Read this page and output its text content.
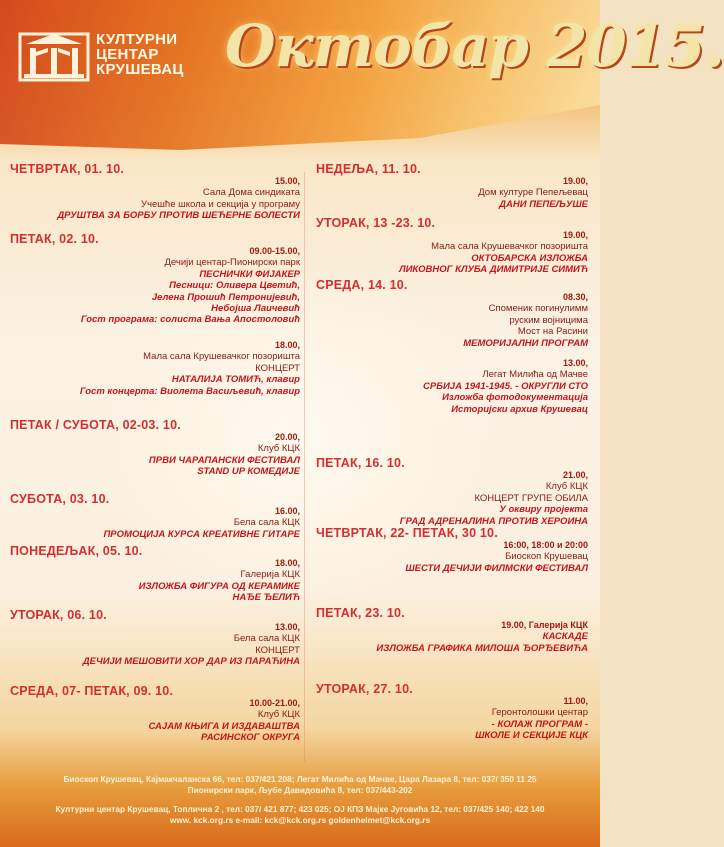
КУЛТУРНИ
ЦЕНТАР
КРУШЕВАЦ Октобар 2015.
ЧЕТВРТАК, 01. 10.
15.00,
Сала Дома синдиката
Учешће школа и секција у програму
ДРУШТВА ЗА БОРБУ ПРОТИВ ШЕЋЕРНЕ БОЛЕСТИ
ПЕТАК, 02. 10.
09.00-15.00,
Дечији центар-Пионирски парк
ПЕСНИЧКИ ФИЈАКЕР
Песници: Оливера Цветић,
Јелена Прошић Петронијевић,
Небојша Лаичевић
Гост програма: солиста Вања Апостоловић
18.00,
Мала сала Крушевачког позоришта
КОНЦЕРТ
НАТАЛИЈА ТОМИЋ, клавир
Гост концерта: Виолета Васиљевић, клавир
ПЕТАК / СУБОТА, 02-03. 10.
20.00,
Клуб КЦК
ПРВИ ЧАРАПАНСКИ ФЕСТИВАЛ
STAND UP КОМЕДИЈЕ
СУБОТА, 03. 10.
16.00,
Бела сала КЦК
ПРОМОЦИЈА КУРСА КРЕАТИВНЕ ГИТАРЕ
ПОНЕДЕЉАК, 05. 10.
18.00,
Галерија КЦК
ИЗЛОЖБА ФИГУРА ОД КЕРАМИКЕ
НАЂЕ ЂЕЛИЋ
УТОРАК, 06. 10.
13.00,
Бела сала КЦК
КОНЦЕРТ
ДЕЧИЈИ МЕШОВИТИ ХОР ДАР ИЗ ПАРАЋИНА
СРЕДА, 07- ПЕТАК, 09. 10.
10.00-21.00,
Клуб КЦК
САЈАМ КЊИГА И ИЗДАВАШТВА
РАСИНСКОГ ОКРУГА
НЕДЕЉА, 11. 10.
19.00,
Дом културе Пепељевац
ДАНИ ПЕПЕЉУШЕ
УТОРАК, 13 -23. 10.
19.00,
Мала сала Крушевачког позоришта
ОКТОБАРСКА ИЗЛОЖБА
ЛИКОВНОГ КЛУБА ДИМИТРИЈЕ СИМИЋ
СРЕДА, 14. 10.
08.30,
Споменик погинулимм
руским војницима
Мост на Расини
МЕМОРИЈАЛНИ ПРОГРАМ
13.00,
Легат Милића од Мачве
СРБИЈА 1941-1945. - ОКРУГЛИ СТО
Изложба фотодокументација
Историјски архив Крушевац
ПЕТАК, 16. 10.
21.00,
Клуб КЦК
КОНЦЕРТ ГРУПЕ ОБИЛА
У оквиру пројекта
ГРАД АДРЕНАЛИНА ПРОТИВ ХЕРОИНА
ЧЕТВРТАК, 22- ПЕТАК, 30 10.
16:00, 18:00 и 20:00
Биоскоп Крушевац
ШЕСТИ ДЕЧИЈИ ФИЛМСКИ ФЕСТИВАЛ
ПЕТАК, 23. 10.
19.00, Галерија КЦК
КАСКАДЕ
ИЗЛОЖБА ГРАФИКА МИЛОША ЂОРЂЕВИЋА
УТОРАК, 27. 10.
11.00,
Геронтолошки центар
- КОЛАЖ ПРОГРАМ -
ШКОЛЕ И СЕКЦИЈЕ КЦК
Биоскоп Крушевац, Кајмакчаланска 66, тел: 037/421 208; Легат Милића од Мачве, Цара Лазара 8, тел: 037/ 350 11 25
Пионирски парк, Љубе Давидовића 8, тел: 037/443-202
Културни центар Крушевац, Топлична 2 , тел: 037/ 421 877; 423 025; ОЈ КПЗ Мајке Југовића 12, тел: 037/425 140; 422 140
www. kck.org.rs e-mail: kck@kck.org.rs goldenhelmet@kck.org.rs
